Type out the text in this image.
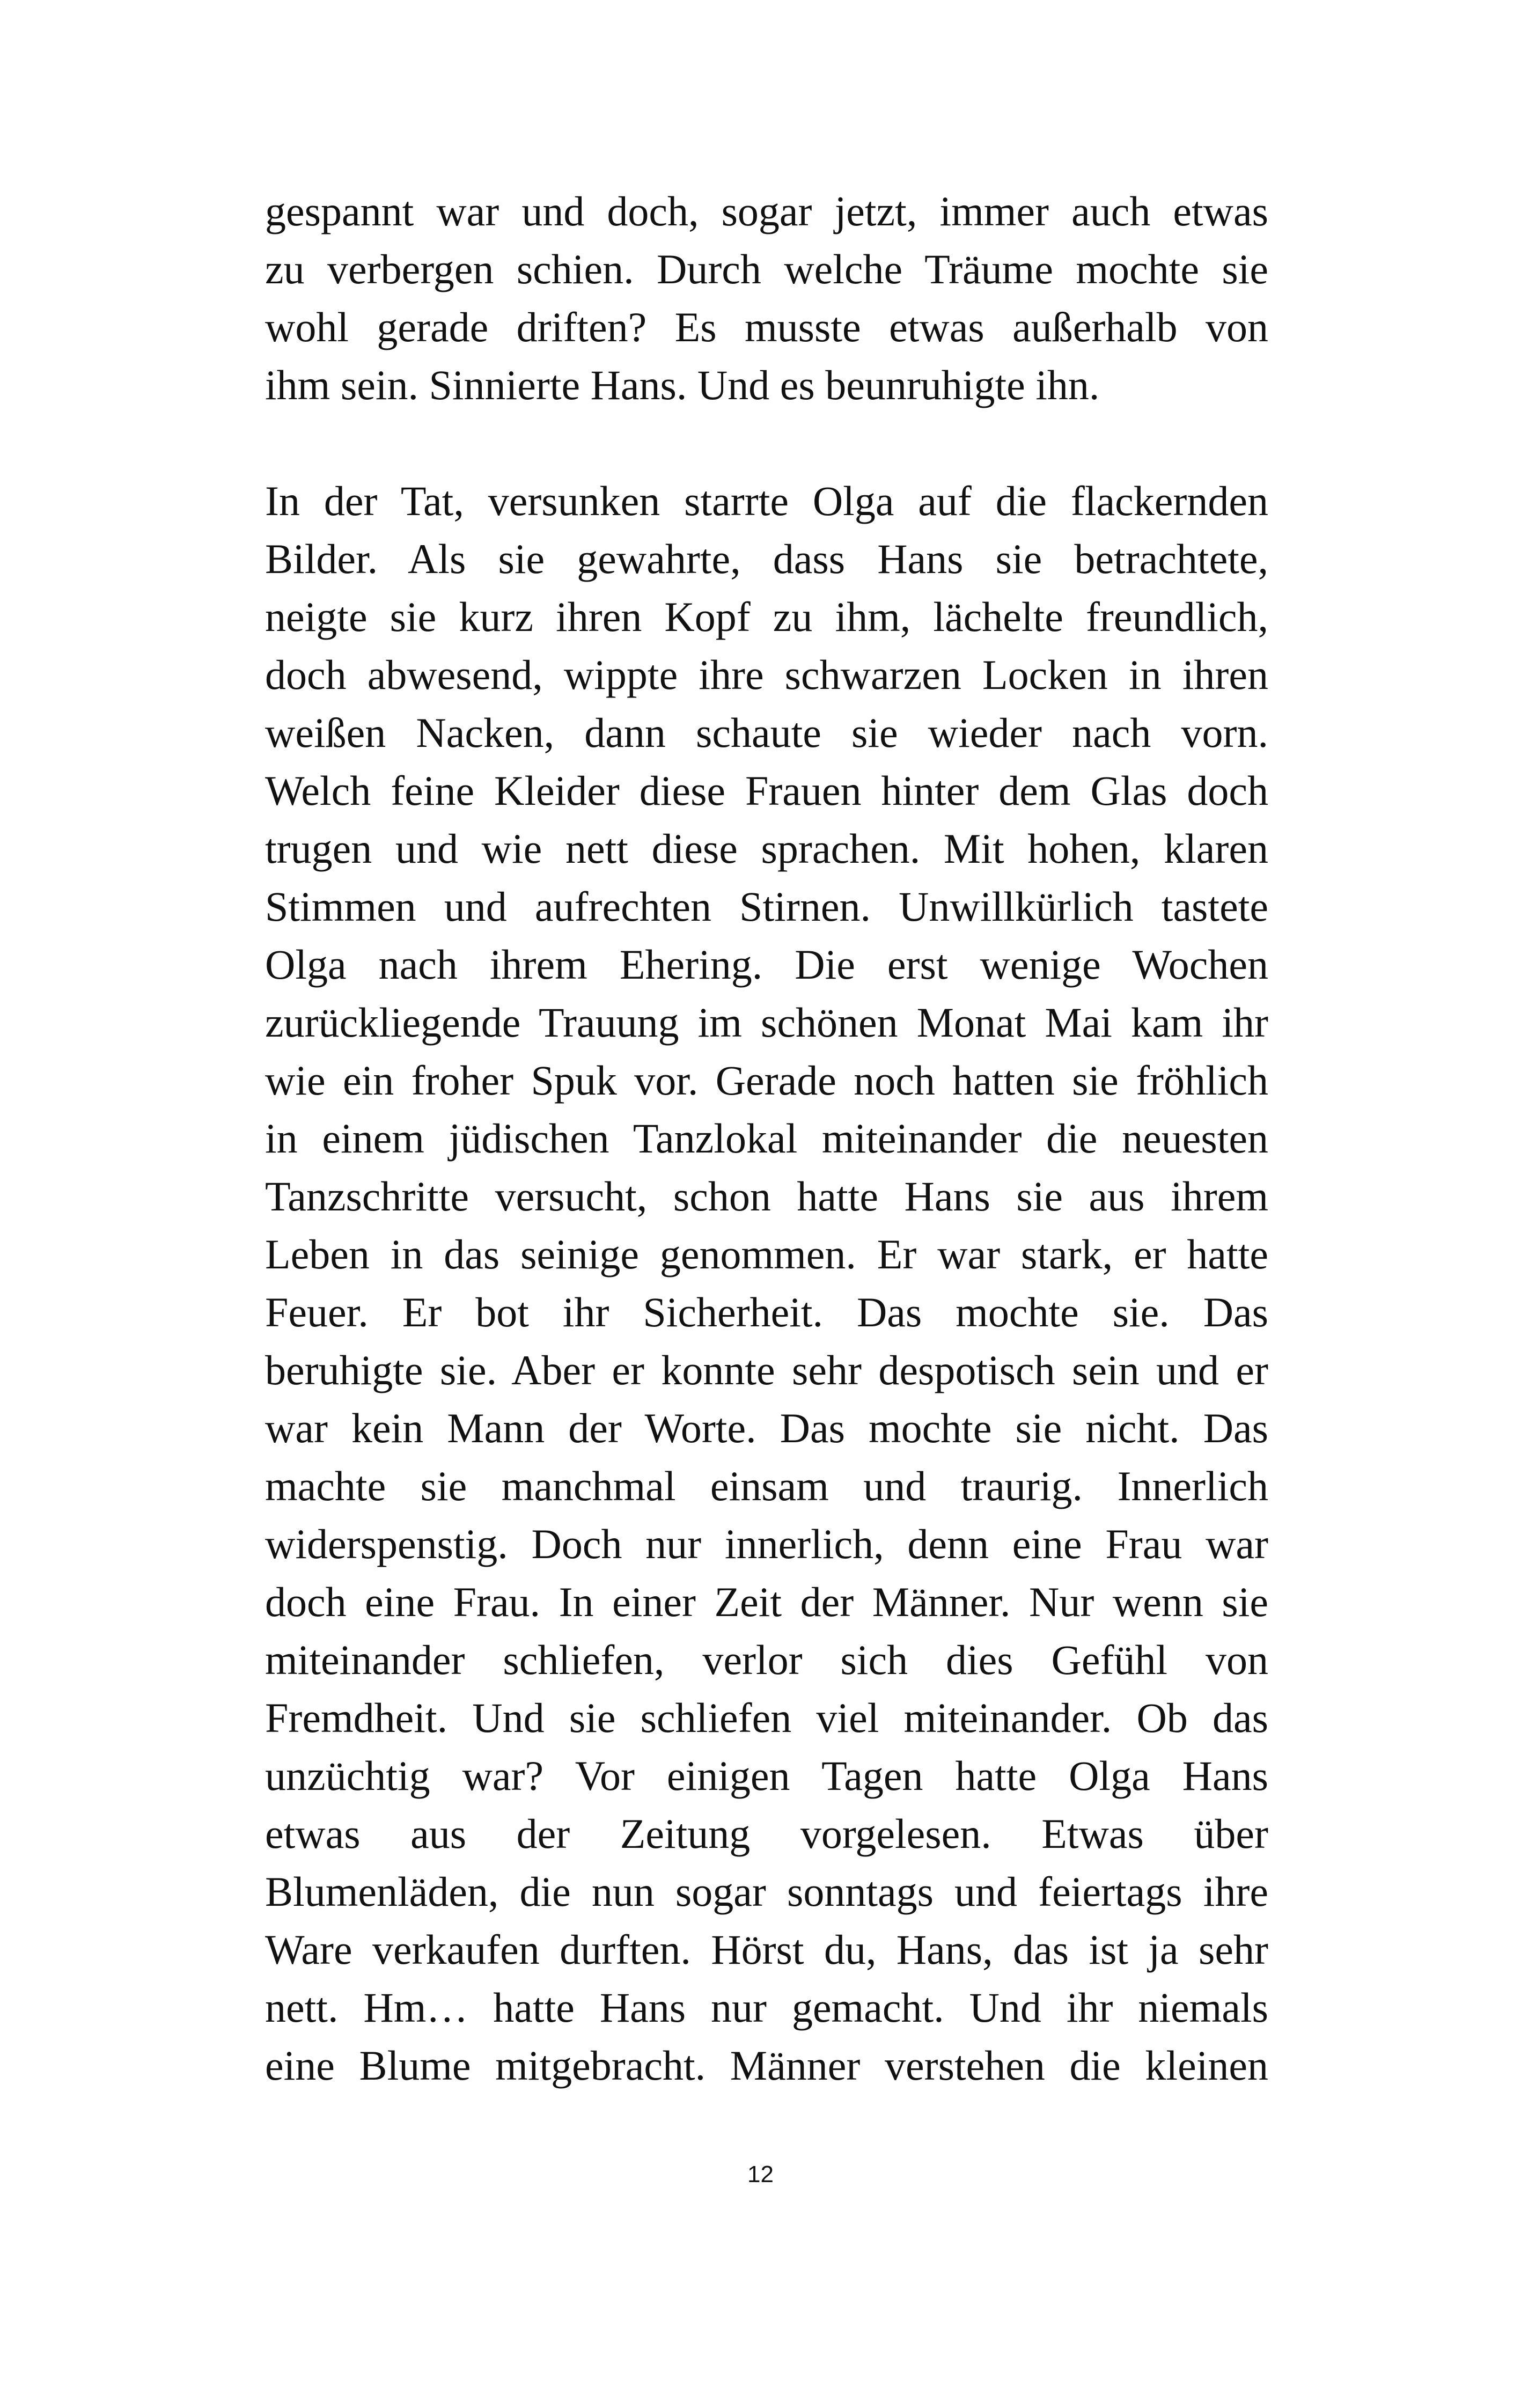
gespannt war und doch, sogar jetzt, immer auch etwas
zu verbergen schien. Durch welche Träume mochte sie
wohl gerade driften? Es musste etwas außerhalb von
ihm sein. Sinnierte Hans. Und es beunruhigte ihn.
In der Tat, versunken starrte Olga auf die flackernden
Bilder. Als sie gewahrte, dass Hans sie betrachtete,
neigte sie kurz ihren Kopf zu ihm, lächelte freundlich,
doch abwesend, wippte ihre schwarzen Locken in ihren
weißen Nacken, dann schaute sie wieder nach vorn.
Welch feine Kleider diese Frauen hinter dem Glas doch
trugen und wie nett diese sprachen. Mit hohen, klaren
Stimmen und aufrechten Stirnen. Unwillkürlich tastete
Olga nach ihrem Ehering. Die erst wenige Wochen
zurückliegende Trauung im schönen Monat Mai kam ihr
wie ein froher Spuk vor. Gerade noch hatten sie fröhlich
in einem jüdischen Tanzlokal miteinander die neuesten
Tanzschritte versucht, schon hatte Hans sie aus ihrem
Leben in das seinige genommen. Er war stark, er hatte
Feuer. Er bot ihr Sicherheit. Das mochte sie. Das
beruhigte sie. Aber er konnte sehr despotisch sein und er
war kein Mann der Worte. Das mochte sie nicht. Das
machte sie manchmal einsam und traurig. Innerlich
widerspenstig. Doch nur innerlich, denn eine Frau war
doch eine Frau. In einer Zeit der Männer. Nur wenn sie
miteinander schliefen, verlor sich dies Gefühl von
Fremdheit. Und sie schliefen viel miteinander. Ob das
unzüchtig war? Vor einigen Tagen hatte Olga Hans
etwas aus der Zeitung vorgelesen. Etwas über
Blumenläden, die nun sogar sonntags und feiertags ihre
Ware verkaufen durften. Hörst du, Hans, das ist ja sehr
nett. Hm… hatte Hans nur gemacht. Und ihr niemals
eine Blume mitgebracht. Männer verstehen die kleinen
12
